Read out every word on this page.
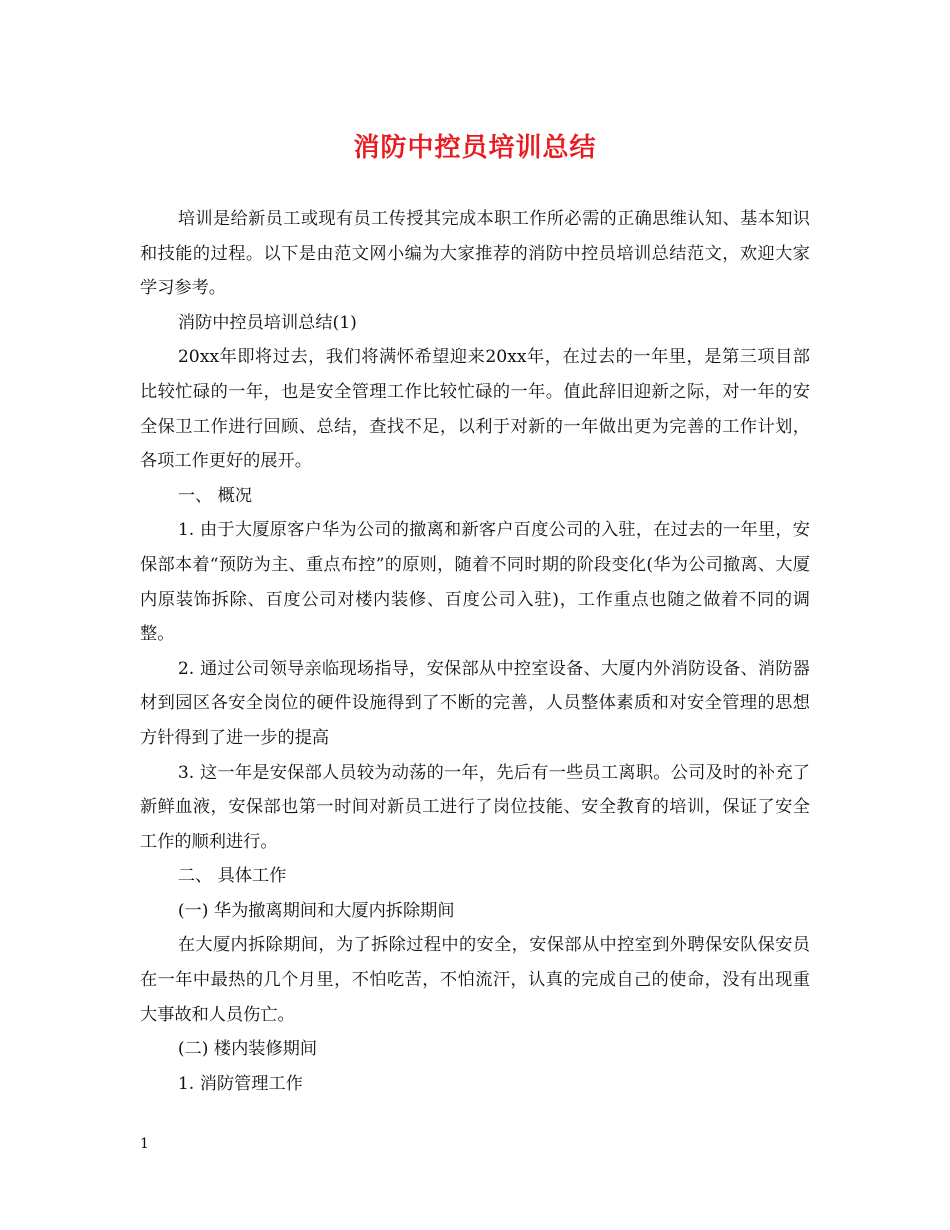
消防中控员培训总结

培训是给新员工或现有员工传授其完成本职工作所必需的正确思维认知、基本知识和技能的过程。以下是由范文网小编为大家推荐的消防中控员培训总结范文，欢迎大家学习参考。

消防中控员培训总结(1)

20xx年即将过去，我们将满怀希望迎来20xx年，在过去的一年里，是第三项目部比较忙碌的一年，也是安全管理工作比较忙碌的一年。值此辞旧迎新之际，对一年的安全保卫工作进行回顾、总结，查找不足，以利于对新的一年做出更为完善的工作计划，各项工作更好的展开。

一、 概况

1. 由于大厦原客户华为公司的撤离和新客户百度公司的入驻，在过去的一年里，安保部本着“预防为主、重点布控”的原则，随着不同时期的阶段变化(华为公司撤离、大厦内原装饰拆除、百度公司对楼内装修、百度公司入驻)，工作重点也随之做着不同的调整。

2. 通过公司领导亲临现场指导，安保部从中控室设备、大厦内外消防设备、消防器材到园区各安全岗位的硬件设施得到了不断的完善，人员整体素质和对安全管理的思想方针得到了进一步的提高

3. 这一年是安保部人员较为动荡的一年，先后有一些员工离职。公司及时的补充了新鲜血液，安保部也第一时间对新员工进行了岗位技能、安全教育的培训，保证了安全工作的顺利进行。

二、 具体工作

(一) 华为撤离期间和大厦内拆除期间

在大厦内拆除期间，为了拆除过程中的安全，安保部从中控室到外聘保安队保安员在一年中最热的几个月里，不怕吃苦，不怕流汗，认真的完成自己的使命，没有出现重大事故和人员伤亡。

(二) 楼内装修期间

1. 消防管理工作

1
